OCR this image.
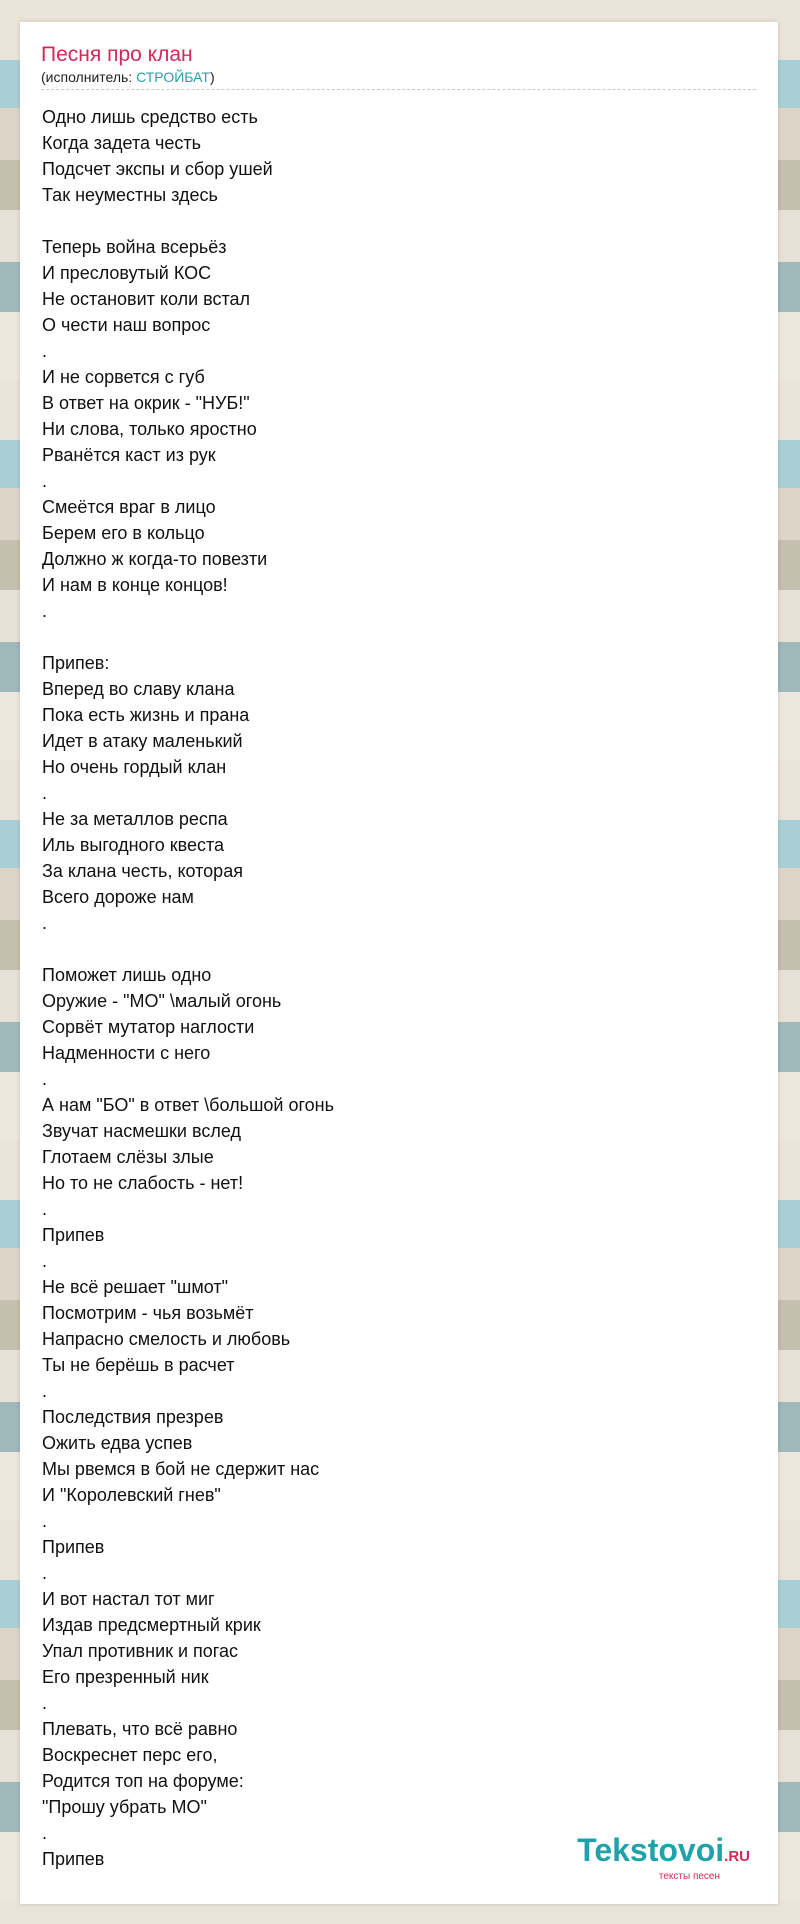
Песня про клан
(исполнитель: СТРОЙБАТ)
Одно лишь средство есть
Когда задета честь
Подсчет экспы и сбор ушей
Так неуместны здесь
Теперь война всерьёз
И пресловутый КОС
Не остановит коли встал
О чести наш вопрос
.
И не сорвется с губ
В ответ на окрик - "НУБ!"
Ни слова, только яростно
Рванётся каст из рук
.
Смеётся враг в лицо
Берем его в кольцо
Должно ж когда-то повезти
И нам в конце концов!
.
Припев:
Вперед во славу клана
Пока есть жизнь и прана
Идет в атаку маленький
Но очень гордый клан
.
Не за металлов респа
Иль выгодного квеста
За клана честь, которая
Всего дороже нам
.
Поможет лишь одно
Оружие - "МО" \малый огонь
Сорвёт мутатор наглости
Надменности с него
.
А нам "БО" в ответ \большой огонь
Звучат насмешки вслед
Глотаем слёзы злые
Но то не слабость - нет!
.
Припев
.
Не всё решает "шмот"
Посмотрим - чья возьмёт
Напрасно смелость и любовь
Ты не берёшь в расчет
.
Последствия презрев
Ожить едва успев
Мы рвемся в бой не сдержит нас
И "Королевский гнев"
.
Припев
.
И вот настал тот миг
Издав предсмертный крик
Упал противник и погас
Его презренный ник
.
Плевать, что всё равно
Воскреснет перс его,
Родится топ на форуме:
"Прошу убрать МО"
.
Припев	Tekstovoi.RU
тексты песен
